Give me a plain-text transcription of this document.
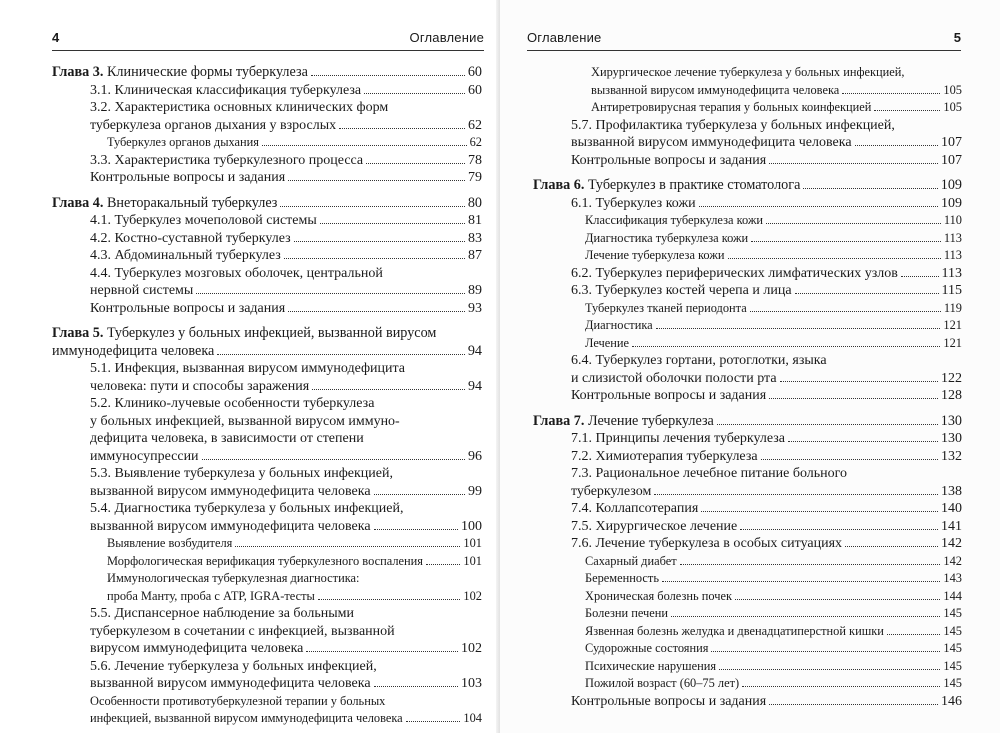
4	Оглавление
Глава 3. Клинические формы туберкулеза	60
3.1. Клиническая классификация туберкулеза	60
3.2. Характеристика основных клинических форм
туберкулеза органов дыхания у взрослых	62
Туберкулез органов дыхания	62
3.3. Характеристика туберкулезного процесса	78
Контрольные вопросы и задания	79
Глава 4. Внеторакальный туберкулез	80
4.1. Туберкулез мочеполовой системы	81
4.2. Костно-суставной туберкулез	83
4.3. Абдоминальный туберкулез	87
4.4. Туберкулез мозговых оболочек, центральной
нервной системы	89
Контрольные вопросы и задания	93
Глава 5. Туберкулез у больных инфекцией, вызванной вирусом
иммунодефицита человека	94
5.1. Инфекция, вызванная вирусом иммунодефицита
человека: пути и способы заражения	94
5.2. Клинико-лучевые особенности туберкулеза
у больных инфекцией, вызванной вирусом иммуно-
дефицита человека, в зависимости от степени
иммуносупрессии	96
5.3. Выявление туберкулеза у больных инфекцией,
вызванной вирусом иммунодефицита человека	99
5.4. Диагностика туберкулеза у больных инфекцией,
вызванной вирусом иммунодефицита человека	100
Выявление возбудителя	101
Морфологическая верификация туберкулезного воспаления	101
Иммунологическая туберкулезная диагностика:
проба Манту, проба с АТР, IGRA-тесты	102
5.5. Диспансерное наблюдение за больными
туберкулезом в сочетании с инфекцией, вызванной
вирусом иммунодефицита человека	102
5.6. Лечение туберкулеза у больных инфекцией,
вызванной вирусом иммунодефицита человека	103
Особенности противотуберкулезной терапии у больных
инфекцией, вызванной вирусом иммунодефицита человека	104
Оглавление	5
Хирургическое лечение туберкулеза у больных инфекцией,
вызванной вирусом иммунодефицита человека	105
Антиретровирусная терапия у больных коинфекцией	105
5.7. Профилактика туберкулеза у больных инфекцией,
вызванной вирусом иммунодефицита человека	107
Контрольные вопросы и задания	107
Глава 6. Туберкулез в практике стоматолога	109
6.1. Туберкулез кожи	109
Классификация туберкулеза кожи	110
Диагностика туберкулеза кожи	113
Лечение туберкулеза кожи	113
6.2. Туберкулез периферических лимфатических узлов	113
6.3. Туберкулез костей черепа и лица	115
Туберкулез тканей периодонта	119
Диагностика	121
Лечение	121
6.4. Туберкулез гортани, ротоглотки, языка
и слизистой оболочки полости рта	122
Контрольные вопросы и задания	128
Глава 7. Лечение туберкулеза	130
7.1. Принципы лечения туберкулеза	130
7.2. Химиотерапия туберкулеза	132
7.3. Рациональное лечебное питание больного
туберкулезом	138
7.4. Коллапсотерапия	140
7.5. Хирургическое лечение	141
7.6. Лечение туберкулеза в особых ситуациях	142
Сахарный диабет	142
Беременность	143
Хроническая болезнь почек	144
Болезни печени	145
Язвенная болезнь желудка и двенадцатиперстной кишки	145
Судорожные состояния	145
Психические нарушения	145
Пожилой возраст (60–75 лет)	145
Контрольные вопросы и задания	146
